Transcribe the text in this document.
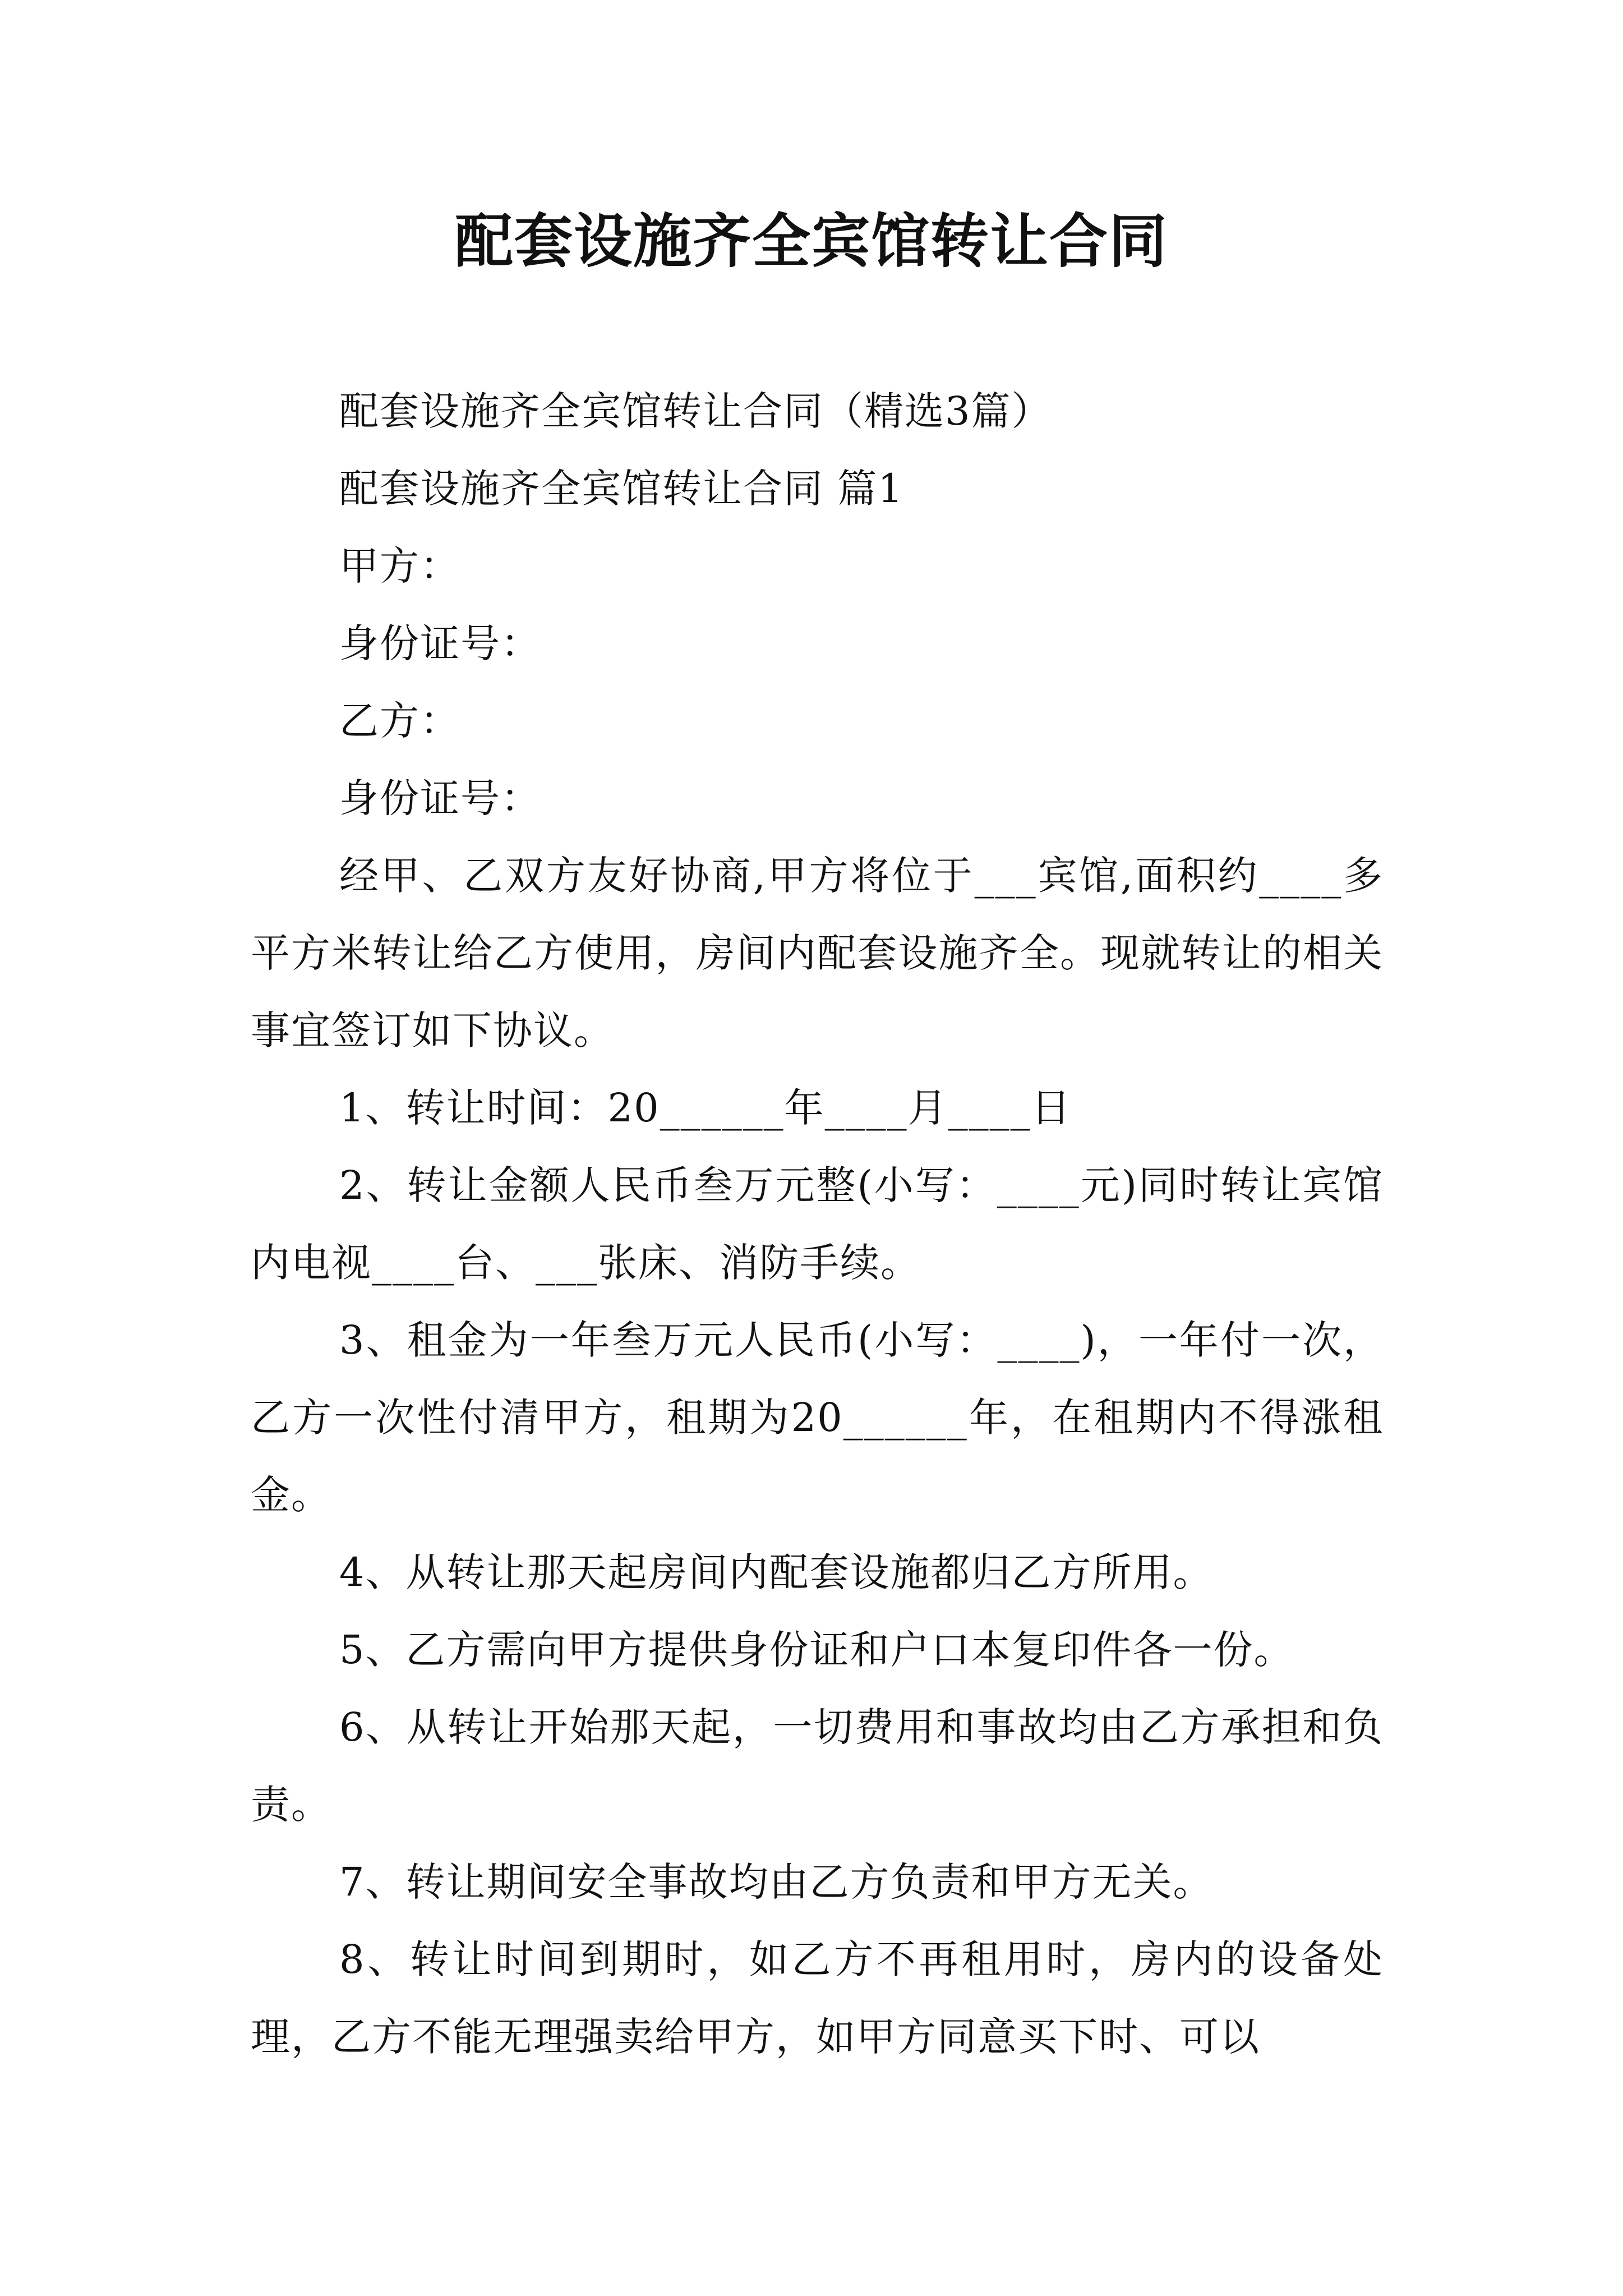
配套设施齐全宾馆转让合同

配套设施齐全宾馆转让合同（精选3篇）

配套设施齐全宾馆转让合同 篇1

甲方：

身份证号：

乙方：

身份证号：

经甲、乙双方友好协商,甲方将位于___宾馆,面积约____多平方米转让给乙方使用，房间内配套设施齐全。现就转让的相关事宜签订如下协议。

1、转让时间：20______年____月____日

2、转让金额人民币叁万元整(小写：____元)同时转让宾馆内电视____台、___张床、消防手续。

3、租金为一年叁万元人民币(小写：____)，一年付一次，乙方一次性付清甲方，租期为20______年，在租期内不得涨租金。

4、从转让那天起房间内配套设施都归乙方所用。

5、乙方需向甲方提供身份证和户口本复印件各一份。

6、从转让开始那天起，一切费用和事故均由乙方承担和负责。

7、转让期间安全事故均由乙方负责和甲方无关。

8、转让时间到期时，如乙方不再租用时，房内的设备处理，乙方不能无理强卖给甲方，如甲方同意买下时、可以
